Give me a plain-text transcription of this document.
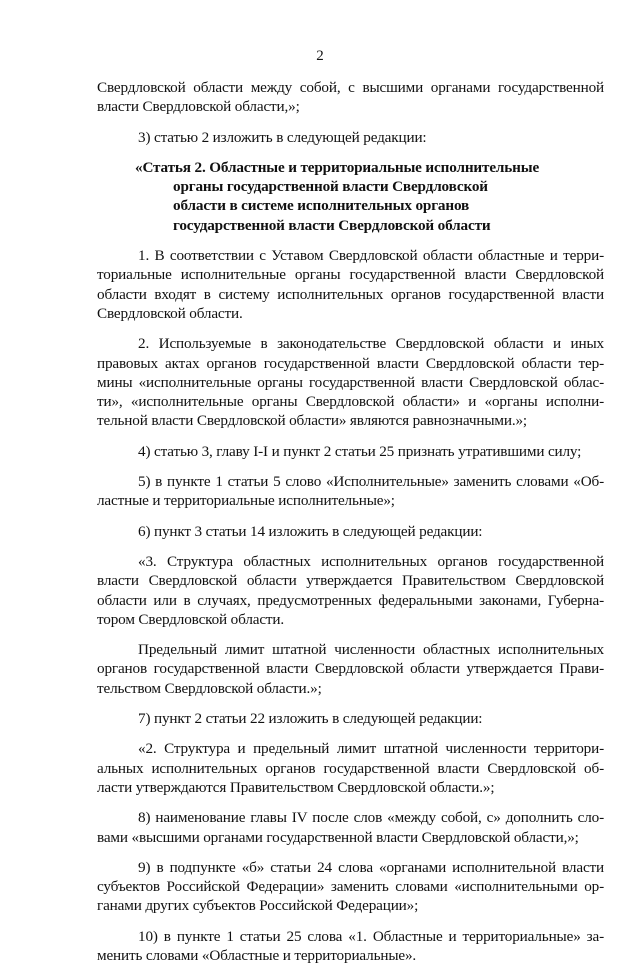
2
Свердловской области между собой, с высшими органами государственной
власти Свердловской области,»;
3) статью 2 изложить в следующей редакции:
«Статья 2. Областные и территориальные исполнительные
органы государственной власти Свердловской
области в системе исполнительных органов
государственной власти Свердловской области
1. В соответствии с Уставом Свердловской области областные и терри-
ториальные исполнительные органы государственной власти Свердловской
области входят в систему исполнительных органов государственной власти
Свердловской области.
2. Используемые в законодательстве Свердловской области и иных
правовых актах органов государственной власти Свердловской области тер-
мины «исполнительные органы государственной власти Свердловской облас-
ти», «исполнительные органы Свердловской области» и «органы исполни-
тельной власти Свердловской области» являются равнозначными.»;
4) статью 3, главу I-I и пункт 2 статьи 25 признать утратившими силу;
5) в пункте 1 статьи 5 слово «Исполнительные» заменить словами «Об-
ластные и территориальные исполнительные»;
6) пункт 3 статьи 14 изложить в следующей редакции:
«3. Структура областных исполнительных органов государственной
власти Свердловской области утверждается Правительством Свердловской
области или в случаях, предусмотренных федеральными законами, Губерна-
тором Свердловской области.
Предельный лимит штатной численности областных исполнительных
органов государственной власти Свердловской области утверждается Прави-
тельством Свердловской области.»;
7) пункт 2 статьи 22 изложить в следующей редакции:
«2. Структура и предельный лимит штатной численности территори-
альных исполнительных органов государственной власти Свердловской об-
ласти утверждаются Правительством Свердловской области.»;
8) наименование главы IV после слов «между собой, с» дополнить сло-
вами «высшими органами государственной власти Свердловской области,»;
9) в подпункте «б» статьи 24 слова «органами исполнительной власти
субъектов Российской Федерации» заменить словами «исполнительными ор-
ганами других субъектов Российской Федерации»;
10) в пункте 1 статьи 25 слова «1. Областные и территориальные» за-
менить словами «Областные и территориальные».
